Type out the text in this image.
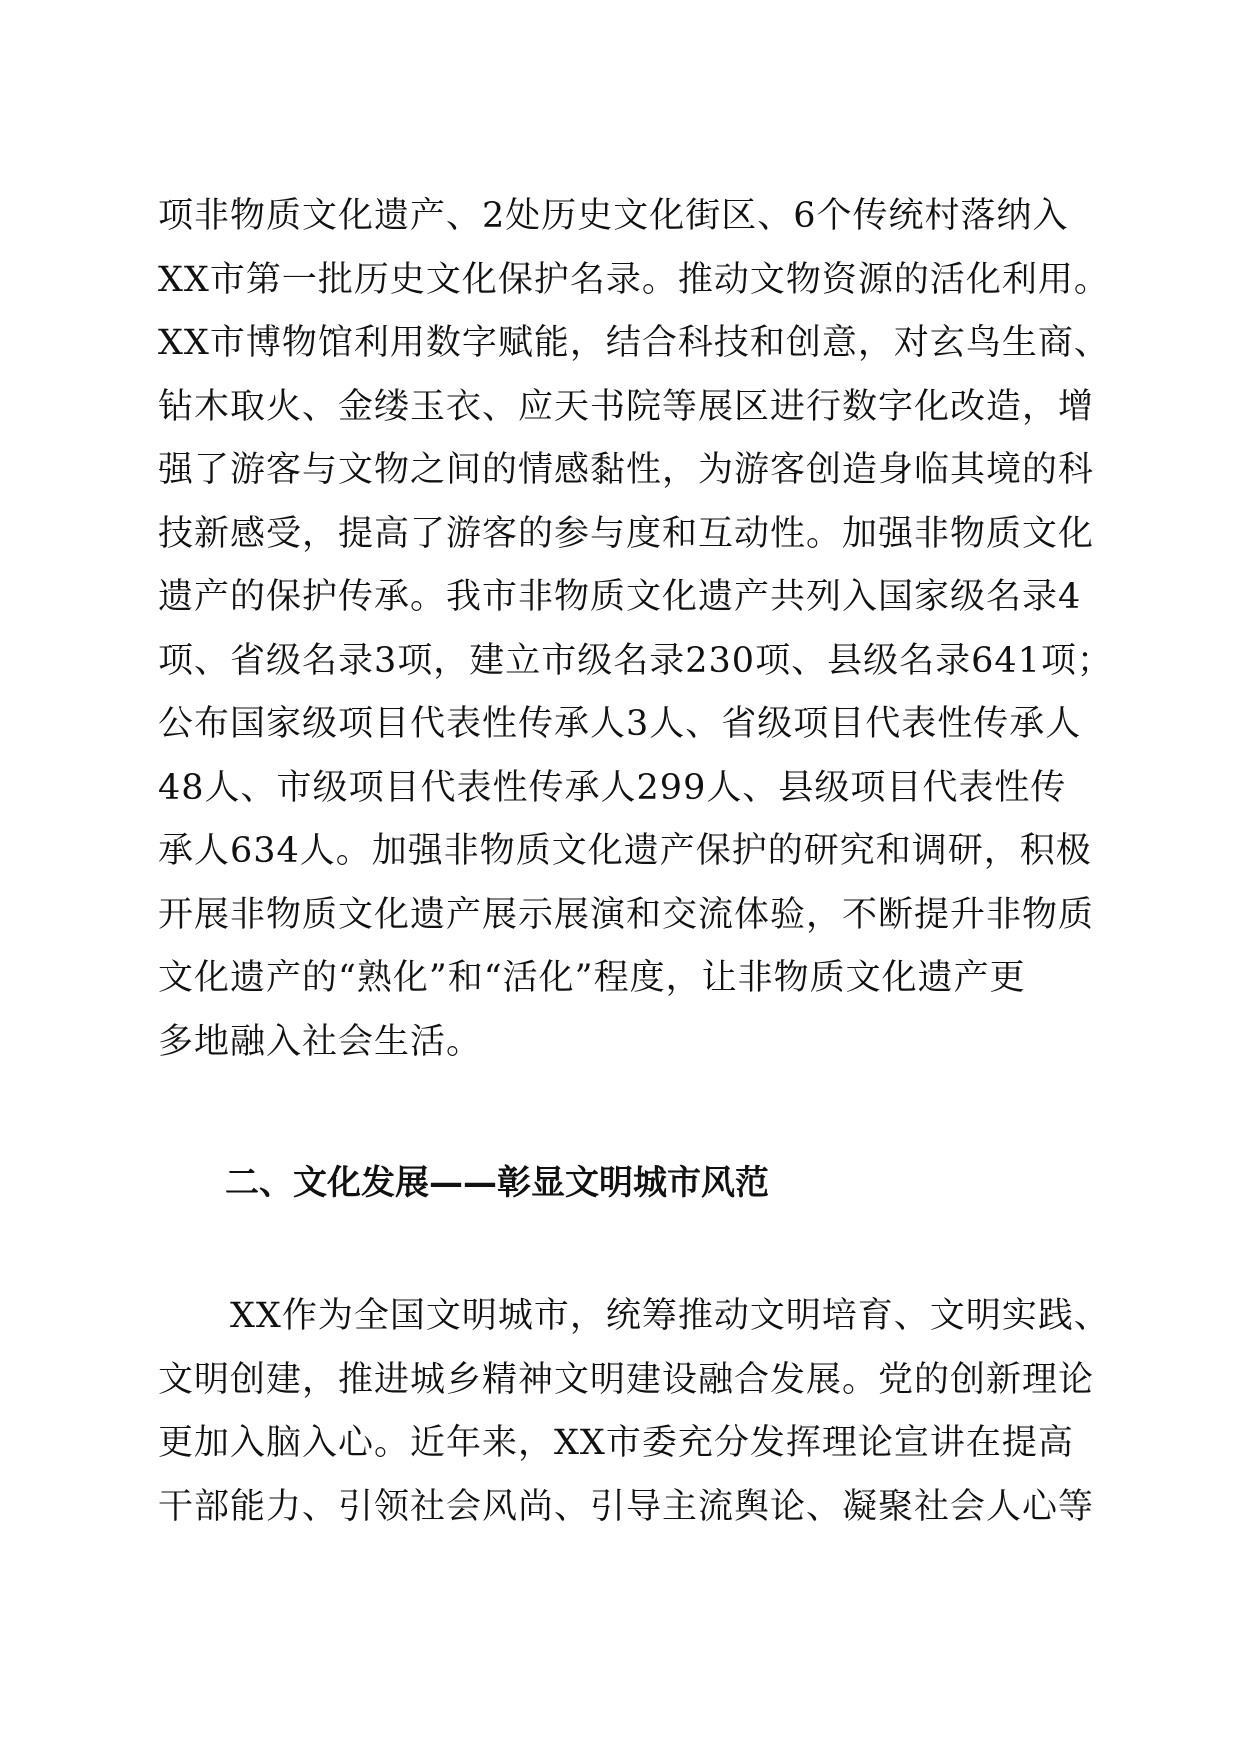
项非物质文化遗产、2处历史文化街区、6个传统村落纳入
XX市第一批历史文化保护名录。推动文物资源的活化利用。
XX市博物馆利用数字赋能，结合科技和创意，对玄鸟生商、
钻木取火、金缕玉衣、应天书院等展区进行数字化改造，增
强了游客与文物之间的情感黏性，为游客创造身临其境的科
技新感受，提高了游客的参与度和互动性。加强非物质文化
遗产的保护传承。我市非物质文化遗产共列入国家级名录4
项、省级名录3项，建立市级名录230项、县级名录641项；
公布国家级项目代表性传承人3人、省级项目代表性传承人
48人、市级项目代表性传承人299人、县级项目代表性传
承人634人。加强非物质文化遗产保护的研究和调研，积极
开展非物质文化遗产展示展演和交流体验，不断提升非物质
文化遗产的“熟化”和“活化”程度，让非物质文化遗产更
多地融入社会生活。
二、文化发展——彰显文明城市风范
　　XX作为全国文明城市，统筹推动文明培育、文明实践、
文明创建，推进城乡精神文明建设融合发展。党的创新理论
更加入脑入心。近年来，XX市委充分发挥理论宣讲在提高
干部能力、引领社会风尚、引导主流舆论、凝聚社会人心等
